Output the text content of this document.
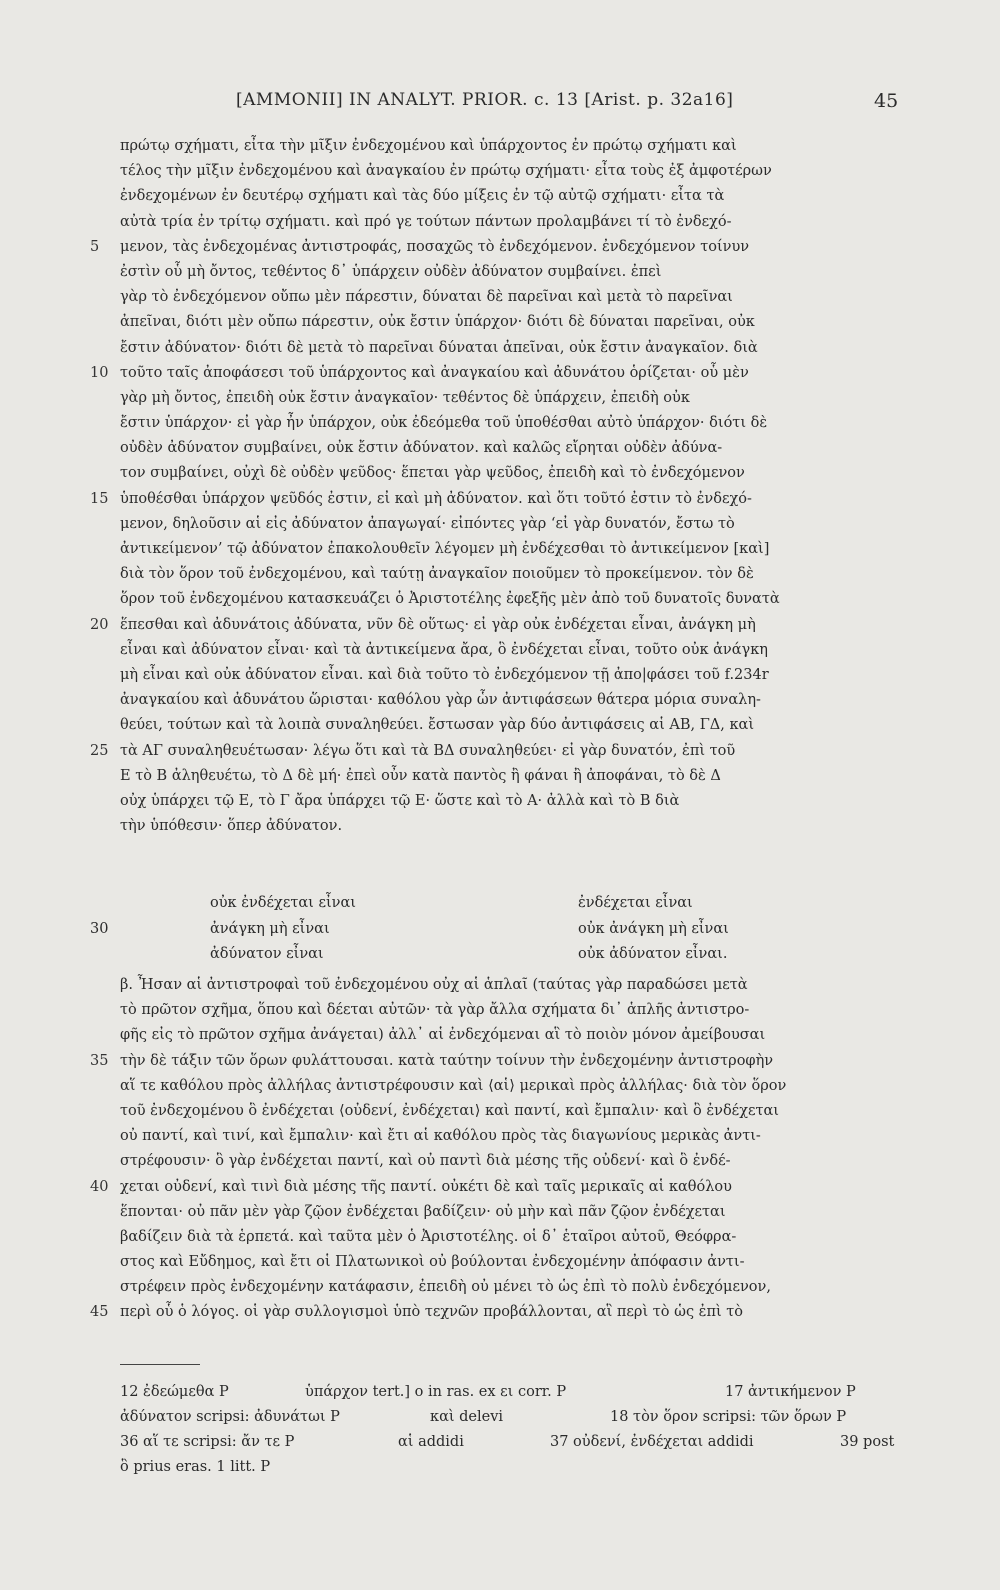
[AMMONII] IN ANALYT. PRIOR. c. 13 [Arist. p. 32a16]	45
πρώτῳ σχήματι, εἶτα τὴν μῖξιν ἐνδεχομένου καὶ ὑπάρχοντος ἐν πρώτῳ σχήματι καὶ
τέλος τὴν μῖξιν ἐνδεχομένου καὶ ἀναγκαίου ἐν πρώτῳ σχήματι· εἶτα τοὺς ἐξ ἀμφοτέρων
ἐνδεχομένων ἐν δευτέρῳ σχήματι καὶ τὰς δύο μίξεις ἐν τῷ αὐτῷ σχήματι· εἶτα τὰ
αὐτὰ τρία ἐν τρίτῳ σχήματι. καὶ πρό γε τούτων πάντων προλαμβάνει τί τὸ ἐνδεχό-
5	μενον, τὰς ἐνδεχομένας ἀντιστροφάς, ποσαχῶς τὸ ἐνδεχόμενον. ἐνδεχόμενον τοίνυν
ἐστὶν οὗ μὴ ὄντος, τεθέντος δ᾽ ὑπάρχειν οὐδὲν ἀδύνατον συμβαίνει. ἐπεὶ
γὰρ τὸ ἐνδεχόμενον οὔπω μὲν πάρεστιν, δύναται δὲ παρεῖναι καὶ μετὰ τὸ παρεῖναι
ἀπεῖναι, διότι μὲν οὔπω πάρεστιν, οὐκ ἔστιν ὑπάρχον· διότι δὲ δύναται παρεῖναι, οὐκ
ἔστιν ἀδύνατον· διότι δὲ μετὰ τὸ παρεῖναι δύναται ἀπεῖναι, οὐκ ἔστιν ἀναγκαῖον. διὰ
10 τοῦτο ταῖς ἀποφάσεσι τοῦ ὑπάρχοντος καὶ ἀναγκαίου καὶ ἀδυνάτου ὁρίζεται· οὗ μὲν
γὰρ μὴ ὄντος, ἐπειδὴ οὐκ ἔστιν ἀναγκαῖον· τεθέντος δὲ ὑπάρχειν, ἐπειδὴ οὐκ
ἔστιν ὑπάρχον· εἰ γὰρ ἦν ὑπάρχον, οὐκ ἐδεόμεθα τοῦ ὑποθέσθαι αὐτὸ ὑπάρχον· διότι δὲ
οὐδὲν ἀδύνατον συμβαίνει, οὐκ ἔστιν ἀδύνατον. καὶ καλῶς εἴρηται οὐδὲν ἀδύνα-
τον συμβαίνει, οὐχὶ δὲ οὐδὲν ψεῦδος· ἕπεται γὰρ ψεῦδος, ἐπειδὴ καὶ τὸ ἐνδεχόμενον
15 ὑποθέσθαι ὑπάρχον ψεῦδός ἐστιν, εἰ καὶ μὴ ἀδύνατον. καὶ ὅτι τοῦτό ἐστιν τὸ ἐνδεχό-
μενον, δηλοῦσιν αἱ εἰς ἀδύνατον ἀπαγωγαί· εἰπόντες γὰρ ‘εἰ γὰρ δυνατόν, ἔστω τὸ
ἀντικείμενον’ τῷ ἀδύνατον ἐπακολουθεῖν λέγομεν μὴ ἐνδέχεσθαι τὸ ἀντικείμενον [καὶ]
διὰ τὸν ὅρον τοῦ ἐνδεχομένου, καὶ ταύτῃ ἀναγκαῖον ποιοῦμεν τὸ προκείμενον. τὸν δὲ
ὅρον τοῦ ἐνδεχομένου κατασκευάζει ὁ Ἀριστοτέλης ἐφεξῆς μὲν ἀπὸ τοῦ δυνατοῖς δυνατὰ
20 ἕπεσθαι καὶ ἀδυνάτοις ἀδύνατα, νῦν δὲ οὕτως· εἰ γὰρ οὐκ ἐνδέχεται εἶναι, ἀνάγκη μὴ
εἶναι καὶ ἀδύνατον εἶναι· καὶ τὰ ἀντικείμενα ἄρα, ὃ ἐνδέχεται εἶναι, τοῦτο οὐκ ἀνάγκη
μὴ εἶναι καὶ οὐκ ἀδύνατον εἶναι. καὶ διὰ τοῦτο τὸ ἐνδεχόμενον τῇ ἀπο|φάσει τοῦ f.234r
ἀναγκαίου καὶ ἀδυνάτου ὥρισται· καθόλου γὰρ ὧν ἀντιφάσεων θάτερα μόρια συναλη-
θεύει, τούτων καὶ τὰ λοιπὰ συναληθεύει. ἔστωσαν γὰρ δύο ἀντιφάσεις αἱ ΑΒ, ΓΔ, καὶ
25 τὰ ΑΓ συναληθευέτωσαν· λέγω ὅτι καὶ τὰ ΒΔ συναληθεύει· εἰ γὰρ δυνατόν, ἐπὶ τοῦ
Ε τὸ Β ἀληθευέτω, τὸ Δ δὲ μή· ἐπεὶ οὖν κατὰ παντὸς ἢ φάναι ἢ ἀποφάναι, τὸ δὲ Δ
οὐχ ὑπάρχει τῷ Ε, τὸ Γ ἄρα ὑπάρχει τῷ Ε· ὥστε καὶ τὸ Α· ἀλλὰ καὶ τὸ Β διὰ
τὴν ὑπόθεσιν· ὅπερ ἀδύνατον.
οὐκ ἐνδέχεται εἶναι	ἐνδέχεται εἶναι
30	ἀνάγκη μὴ εἶναι	οὐκ ἀνάγκη μὴ εἶναι
ἀδύνατον εἶναι	οὐκ ἀδύνατον εἶναι.
β. Ἦσαν αἱ ἀντιστροφαὶ τοῦ ἐνδεχομένου οὐχ αἱ ἁπλαῖ (ταύτας γὰρ παραδώσει μετὰ
τὸ πρῶτον σχῆμα, ὅπου καὶ δέεται αὐτῶν· τὰ γὰρ ἄλλα σχήματα δι᾽ ἁπλῆς ἀντιστρο-
φῆς εἰς τὸ πρῶτον σχῆμα ἀνάγεται) ἀλλ᾽ αἱ ἐνδεχόμεναι αἳ τὸ ποιὸν μόνον ἀμείβουσαι
35 τὴν δὲ τάξιν τῶν ὅρων φυλάττουσαι. κατὰ ταύτην τοίνυν τὴν ἐνδεχομένην ἀντιστροφὴν
αἵ τε καθόλου πρὸς ἀλλήλας ἀντιστρέφουσιν καὶ ⟨αἱ⟩ μερικαὶ πρὸς ἀλλήλας· διὰ τὸν ὅρον
τοῦ ἐνδεχομένου ὃ ἐνδέχεται ⟨οὐδενί, ἐνδέχεται⟩ καὶ παντί, καὶ ἔμπαλιν· καὶ ὃ ἐνδέχεται
οὐ παντί, καὶ τινί, καὶ ἔμπαλιν· καὶ ἔτι αἱ καθόλου πρὸς τὰς διαγωνίους μερικὰς ἀντι-
στρέφουσιν· ὃ γὰρ ἐνδέχεται παντί, καὶ οὐ παντὶ διὰ μέσης τῆς οὐδενί· καὶ ὃ ἐνδέ-
40 χεται οὐδενί, καὶ τινὶ διὰ μέσης τῆς παντί. οὐκέτι δὲ καὶ ταῖς μερικαῖς αἱ καθόλου
ἕπονται· οὐ πᾶν μὲν γὰρ ζῷον ἐνδέχεται βαδίζειν· οὐ μὴν καὶ πᾶν ζῷον ἐνδέχεται
βαδίζειν διὰ τὰ ἑρπετά. καὶ ταῦτα μὲν ὁ Ἀριστοτέλης. οἱ δ᾽ ἑταῖροι αὐτοῦ, Θεόφρα-
στος καὶ Εὔδημος, καὶ ἔτι οἱ Πλατωνικοὶ οὐ βούλονται ἐνδεχομένην ἀπόφασιν ἀντι-
στρέφειν πρὸς ἐνδεχομένην κατάφασιν, ἐπειδὴ οὐ μένει τὸ ὡς ἐπὶ τὸ πολὺ ἐνδεχόμενον,
45 περὶ οὗ ὁ λόγος. οἱ γὰρ συλλογισμοὶ ὑπὸ τεχνῶν προβάλλονται, αἳ περὶ τὸ ὡς ἐπὶ τὸ
12 ἐδεώμεθα P	ὑπάρχον tert.] o in ras. ex ει corr. P	17 ἀντικήμενον P
ἀδύνατον scripsi: ἀδυνάτωι P	καὶ delevi	18 τὸν ὅρον scripsi: τῶν ὅρων P
36 αἵ τε scripsi: ἄν τε P	αἱ addidi	37 οὐδενί, ἐνδέχεται addidi	39 post
ὃ prius eras. 1 litt. P
